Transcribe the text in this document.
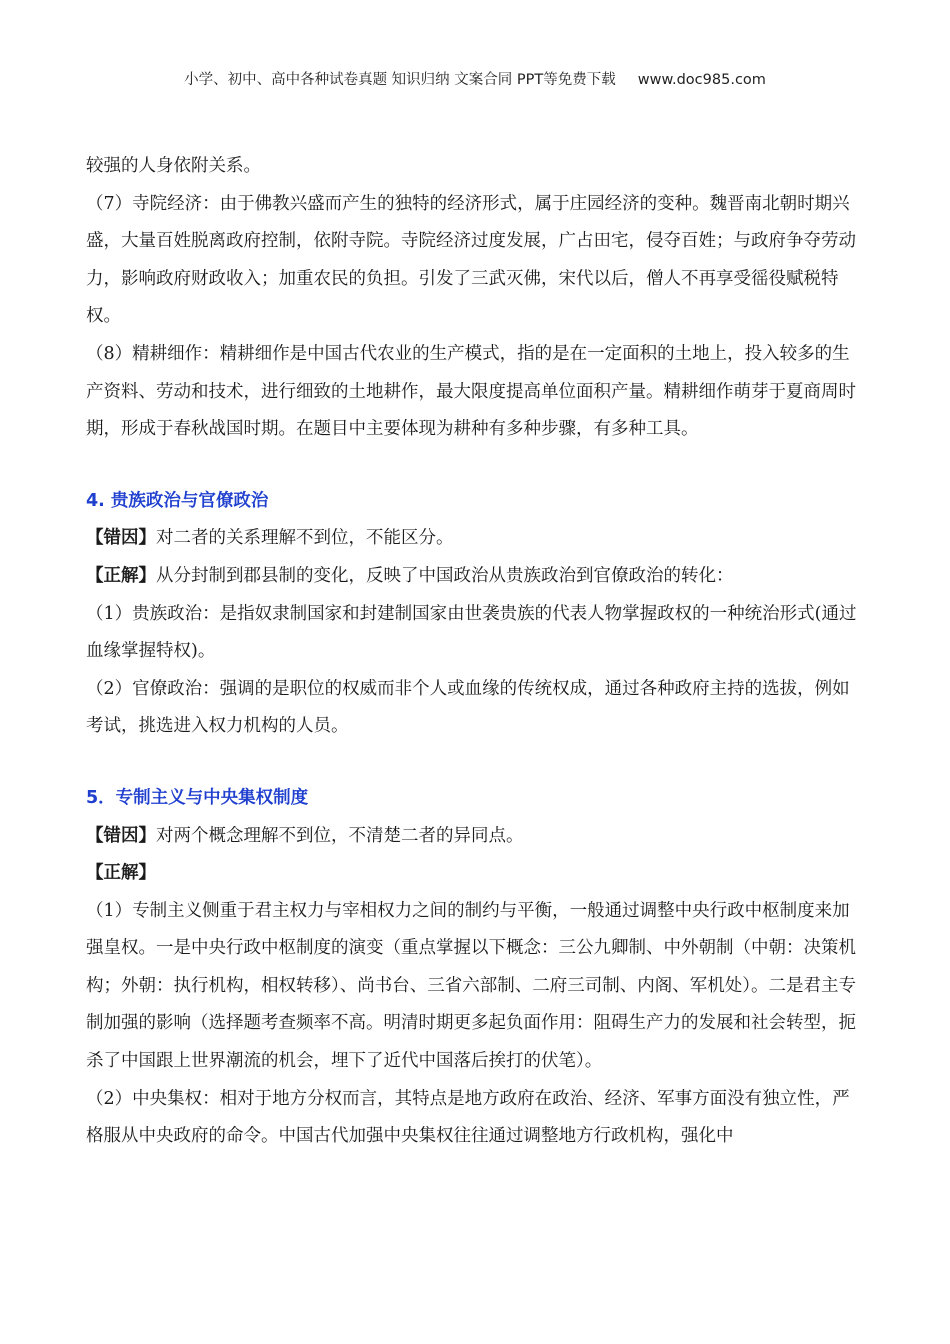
小学、初中、高中各种试卷真题 知识归纳 文案合同 PPT等免费下载 www.doc985.com

较强的人身依附关系。

（7）寺院经济：由于佛教兴盛而产生的独特的经济形式，属于庄园经济的变种。魏晋南北朝时期兴盛，大量百姓脱离政府控制，依附寺院。寺院经济过度发展，广占田宅，侵夺百姓；与政府争夺劳动力，影响政府财政收入；加重农民的负担。引发了三武灭佛，宋代以后，僧人不再享受徭役赋税特权。

（8）精耕细作：精耕细作是中国古代农业的生产模式，指的是在一定面积的土地上，投入较多的生产资料、劳动和技术，进行细致的土地耕作，最大限度提高单位面积产量。精耕细作萌芽于夏商周时期，形成于春秋战国时期。在题目中主要体现为耕种有多种步骤，有多种工具。

4. 贵族政治与官僚政治

【错因】对二者的关系理解不到位，不能区分。

【正解】从分封制到郡县制的变化，反映了中国政治从贵族政治到官僚政治的转化：

（1）贵族政治：是指奴隶制国家和封建制国家由世袭贵族的代表人物掌握政权的一种统治形式(通过血缘掌握特权)。

（2）官僚政治：强调的是职位的权威而非个人或血缘的传统权成，通过各种政府主持的选拔，例如考试，挑选进入权力机构的人员。

5．专制主义与中央集权制度

【错因】对两个概念理解不到位，不清楚二者的异同点。

【正解】

（1）专制主义侧重于君主权力与宰相权力之间的制约与平衡，一般通过调整中央行政中枢制度来加强皇权。一是中央行政中枢制度的演变（重点掌握以下概念：三公九卿制、中外朝制（中朝：决策机构；外朝：执行机构，相权转移）、尚书台、三省六部制、二府三司制、内阁、军机处）。二是君主专制加强的影响（选择题考查频率不高。明清时期更多起负面作用：阻碍生产力的发展和社会转型，扼杀了中国跟上世界潮流的机会，埋下了近代中国落后挨打的伏笔）。

（2）中央集权：相对于地方分权而言，其特点是地方政府在政治、经济、军事方面没有独立性，严格服从中央政府的命令。中国古代加强中央集权往往通过调整地方行政机构，强化中
